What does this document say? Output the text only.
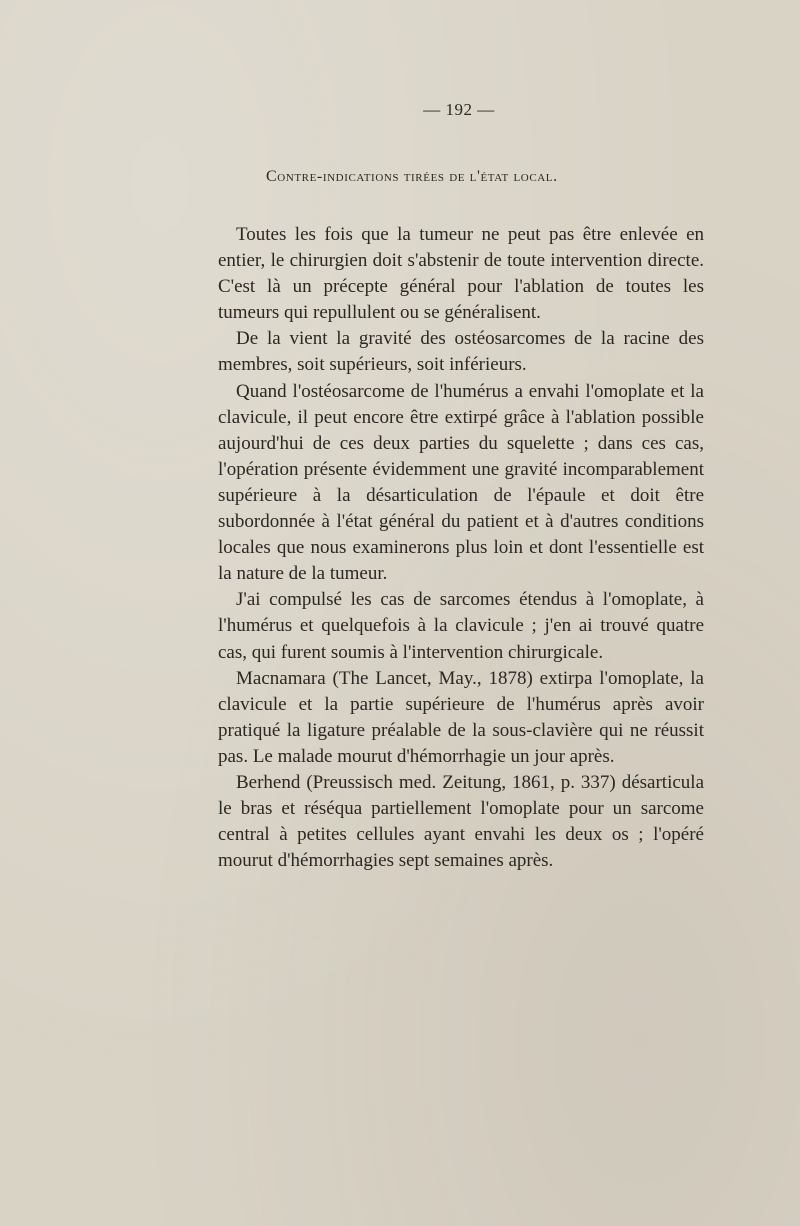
— 192 —
Contre-indications tirées de l'état local.

Toutes les fois que la tumeur ne peut pas être enlevée en entier, le chirurgien doit s'abstenir de toute intervention directe. C'est là un précepte général pour l'ablation de toutes les tumeurs qui repullulent ou se généralisent.

De la vient la gravité des ostéosarcomes de la racine des membres, soit supérieurs, soit inférieurs.

Quand l'ostéosarcome de l'humérus a envahi l'omoplate et la clavicule, il peut encore être extirpé grâce à l'ablation possible aujourd'hui de ces deux parties du squelette ; dans ces cas, l'opération présente évidemment une gravité incomparablement supérieure à la désarticulation de l'épaule et doit être subordonnée à l'état général du patient et à d'autres conditions locales que nous examinerons plus loin et dont l'essentielle est la nature de la tumeur.

J'ai compulsé les cas de sarcomes étendus à l'omoplate, à l'humérus et quelquefois à la clavicule ; j'en ai trouvé quatre cas, qui furent soumis à l'intervention chirurgicale.

Macnamara (The Lancet, May., 1878) extirpa l'omoplate, la clavicule et la partie supérieure de l'humérus après avoir pratiqué la ligature préalable de la sous-clavière qui ne réussit pas. Le malade mourut d'hémorrhagie un jour après.

Berhend (Preussisch med. Zeitung, 1861, p. 337) désarticula le bras et réséqua partiellement l'omoplate pour un sarcome central à petites cellules ayant envahi les deux os ; l'opéré mourut d'hémorrhagies sept semaines après.
